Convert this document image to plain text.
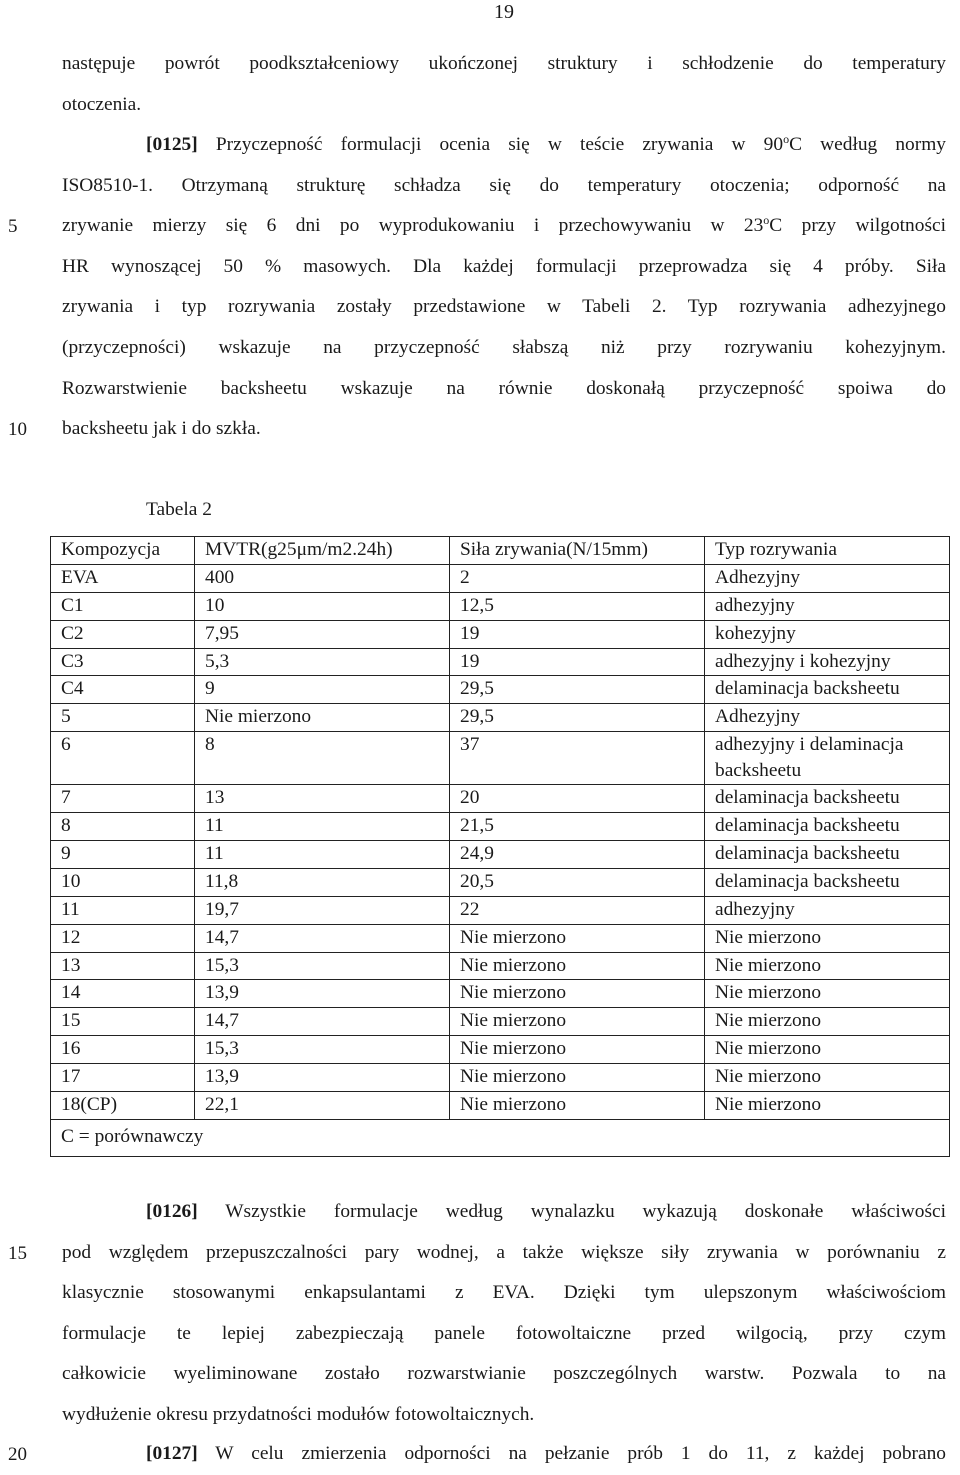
19
5
10
15
20
następuje powrót poodkształceniowy ukończonej struktury i schłodzenie do temperatury
otoczenia.
[0125] Przyczepność formulacji ocenia się w teście zrywania w 90$^o$C według normy
ISO8510-1. Otrzymaną strukturę schładza się do temperatury otoczenia; odporność na
zrywanie mierzy się 6 dni po wyprodukowaniu i przechowywaniu w 23$^o$C przy wilgotności
HR wynoszącej 50 % masowych. Dla każdej formulacji przeprowadza się 4 próby. Siła
zrywania i typ rozrywania zostały przedstawione w Tabeli 2. Typ rozrywania adhezyjnego
(przyczepności) wskazuje na przyczepność słabszą niż przy rozrywaniu kohezyjnym.
Rozwarstwienie backsheetu wskazuje na równie doskonałą przyczepność spoiwa do
backsheetu jak i do szkła.
Tabela 2
Kompozycja	MVTR(g25μm/m2.24h)	Siła zrywania(N/15mm)	Typ rozrywania
EVA	400	2	Adhezyjny
C1	10	12,5	adhezyjny
C2	7,95	19	kohezyjny
C3	5,3	19	adhezyjny i kohezyjny
C4	9	29,5	delaminacja backsheetu
5	Nie mierzono	29,5	Adhezyjny
6	8	37	adhezyjny i delaminacja backsheetu
7	13	20	delaminacja backsheetu
8	11	21,5	delaminacja backsheetu
9	11	24,9	delaminacja backsheetu
10	11,8	20,5	delaminacja backsheetu
11	19,7	22	adhezyjny
12	14,7	Nie mierzono	Nie mierzono
13	15,3	Nie mierzono	Nie mierzono
14	13,9	Nie mierzono	Nie mierzono
15	14,7	Nie mierzono	Nie mierzono
16	15,3	Nie mierzono	Nie mierzono
17	13,9	Nie mierzono	Nie mierzono
18(CP)	22,1	Nie mierzono	Nie mierzono
C = porównawczy			
[0126] Wszystkie formulacje według wynalazku wykazują doskonałe właściwości
pod względem przepuszczalności pary wodnej, a także większe siły zrywania w porównaniu z
klasycznie stosowanymi enkapsulantami z EVA. Dzięki tym ulepszonym właściwościom
formulacje te lepiej zabezpieczają panele fotowoltaiczne przed wilgocią, przy czym
całkowicie wyeliminowane zostało rozwarstwianie poszczególnych warstw. Pozwala to na
wydłużenie okresu przydatności modułów fotowoltaicznych.
[0127] W celu zmierzenia odporności na pełzanie prób 1 do 11, z każdej pobrano
